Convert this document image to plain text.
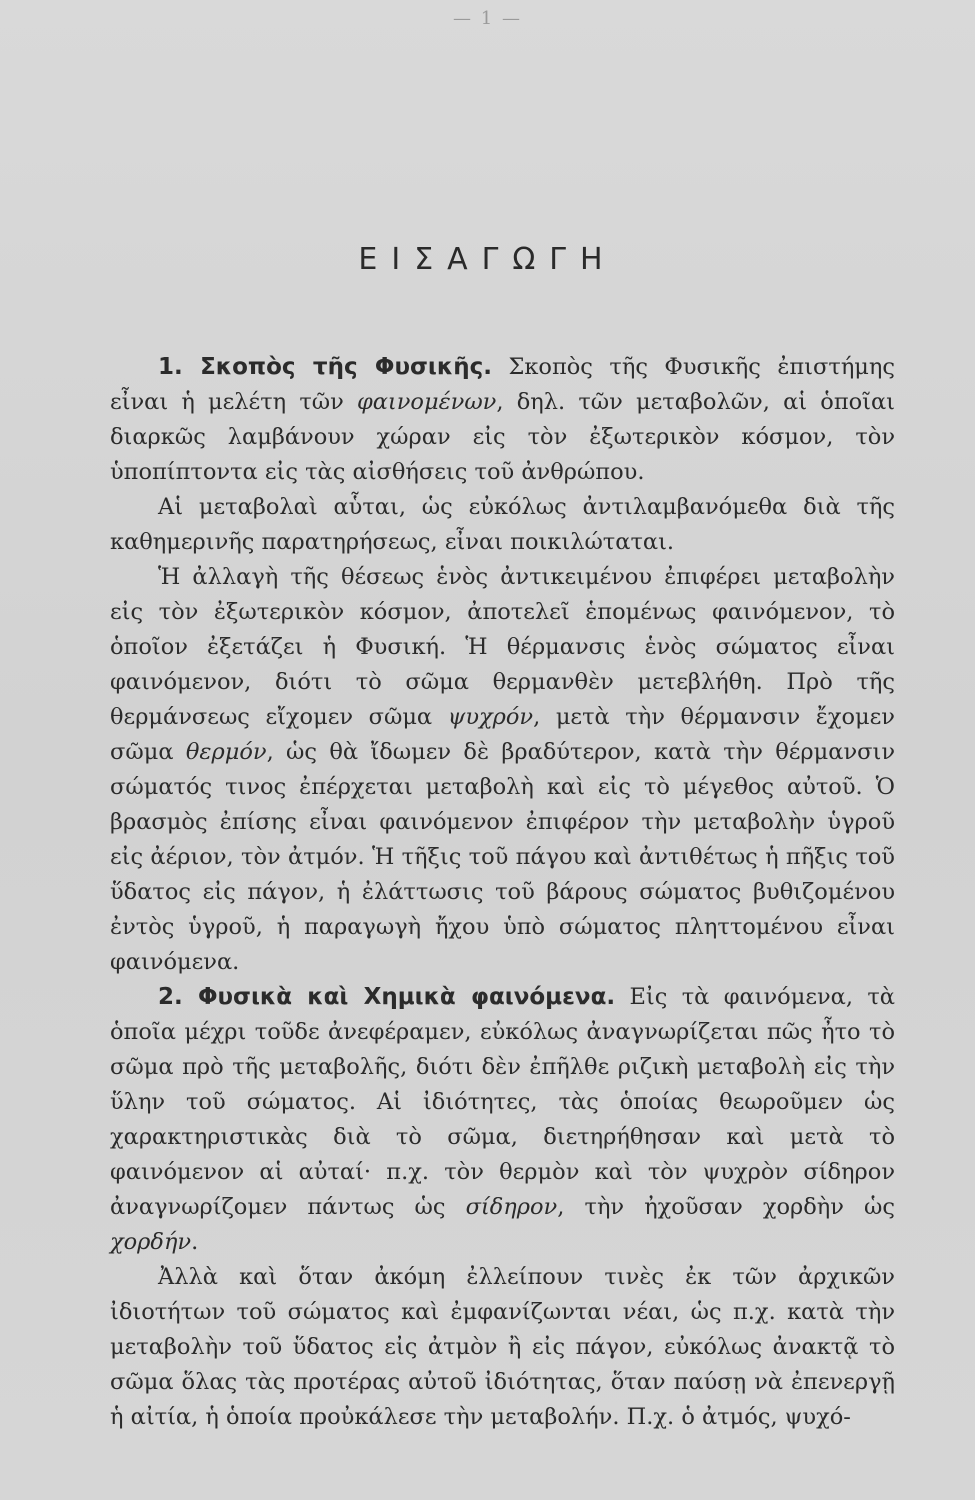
— 1 —
ΕΙΣΑΓΩΓΗ

1. Σκοπὸς τῆς Φυσικῆς. Σκοπὸς τῆς Φυσικῆς ἐπιστήμης εἶναι ἡ μελέτη τῶν φαινομένων, δηλ. τῶν μεταβολῶν, αἱ ὁποῖαι διαρκῶς λαμβάνουν χώραν εἰς τὸν ἐξωτερικὸν κόσμον, τὸν ὑποπίπτοντα εἰς τὰς αἰσθήσεις τοῦ ἀνθρώπου.

Αἱ μεταβολαὶ αὗται, ὡς εὐκόλως ἀντιλαμβανόμεθα διὰ τῆς καθημερινῆς παρατηρήσεως, εἶναι ποικιλώταται.

Ἡ ἀλλαγὴ τῆς θέσεως ἑνὸς ἀντικειμένου ἐπιφέρει μεταβολὴν εἰς τὸν ἐξωτερικὸν κόσμον, ἀποτελεῖ ἑπομένως φαινόμενον, τὸ ὁποῖον ἐξετάζει ἡ Φυσική. Ἡ θέρμανσις ἑνὸς σώματος εἶναι φαινόμενον, διότι τὸ σῶμα θερμανθὲν μετεβλήθη. Πρὸ τῆς θερμάνσεως εἴχομεν σῶμα ψυχρόν, μετὰ τὴν θέρμανσιν ἔχομεν σῶμα θερμόν, ὡς θὰ ἴδωμεν δὲ βραδύτερον, κατὰ τὴν θέρμανσιν σώματός τινος ἐπέρχεται μεταβολὴ καὶ εἰς τὸ μέγεθος αὐτοῦ. Ὁ βρασμὸς ἐπίσης εἶναι φαινόμενον ἐπιφέρον τὴν μεταβολὴν ὑγροῦ εἰς ἀέριον, τὸν ἀτμόν. Ἡ τῆξις τοῦ πάγου καὶ ἀντιθέτως ἡ πῆξις τοῦ ὕδατος εἰς πάγον, ἡ ἐλάττωσις τοῦ βάρους σώματος βυθιζομένου ἐντὸς ὑγροῦ, ἡ παραγωγὴ ἤχου ὑπὸ σώματος πληττομένου εἶναι φαινόμενα.

2. Φυσικὰ καὶ Χημικὰ φαινόμενα. Εἰς τὰ φαινόμενα, τὰ ὁποῖα μέχρι τοῦδε ἀνεφέραμεν, εὐκόλως ἀναγνωρίζεται πῶς ἦτο τὸ σῶμα πρὸ τῆς μεταβολῆς, διότι δὲν ἐπῆλθε ριζικὴ μεταβολὴ εἰς τὴν ὕλην τοῦ σώματος. Αἱ ἰδιότητες, τὰς ὁποίας θεωροῦμεν ὡς χαρακτηριστικὰς διὰ τὸ σῶμα, διετηρήθησαν καὶ μετὰ τὸ φαινόμενον αἱ αὐταί· π.χ. τὸν θερμὸν καὶ τὸν ψυχρὸν σίδηρον ἀναγνωρίζομεν πάντως ὡς σίδηρον, τὴν ἠχοῦσαν χορδὴν ὡς χορδήν.

Ἀλλὰ καὶ ὅταν ἀκόμη ἐλλείπουν τινὲς ἐκ τῶν ἀρχικῶν ἰδιοτήτων τοῦ σώματος καὶ ἐμφανίζωνται νέαι, ὡς π.χ. κατὰ τὴν μεταβολὴν τοῦ ὕδατος εἰς ἀτμὸν ἢ εἰς πάγον, εὐκόλως ἀνακτᾷ τὸ σῶμα ὅλας τὰς προτέρας αὐτοῦ ἰδιότητας, ὅταν παύσῃ νὰ ἐπενεργῇ ἡ αἰτία, ἡ ὁποία προὐκάλεσε τὴν μεταβολήν. Π.χ. ὁ ἀτμός, ψυχό-
